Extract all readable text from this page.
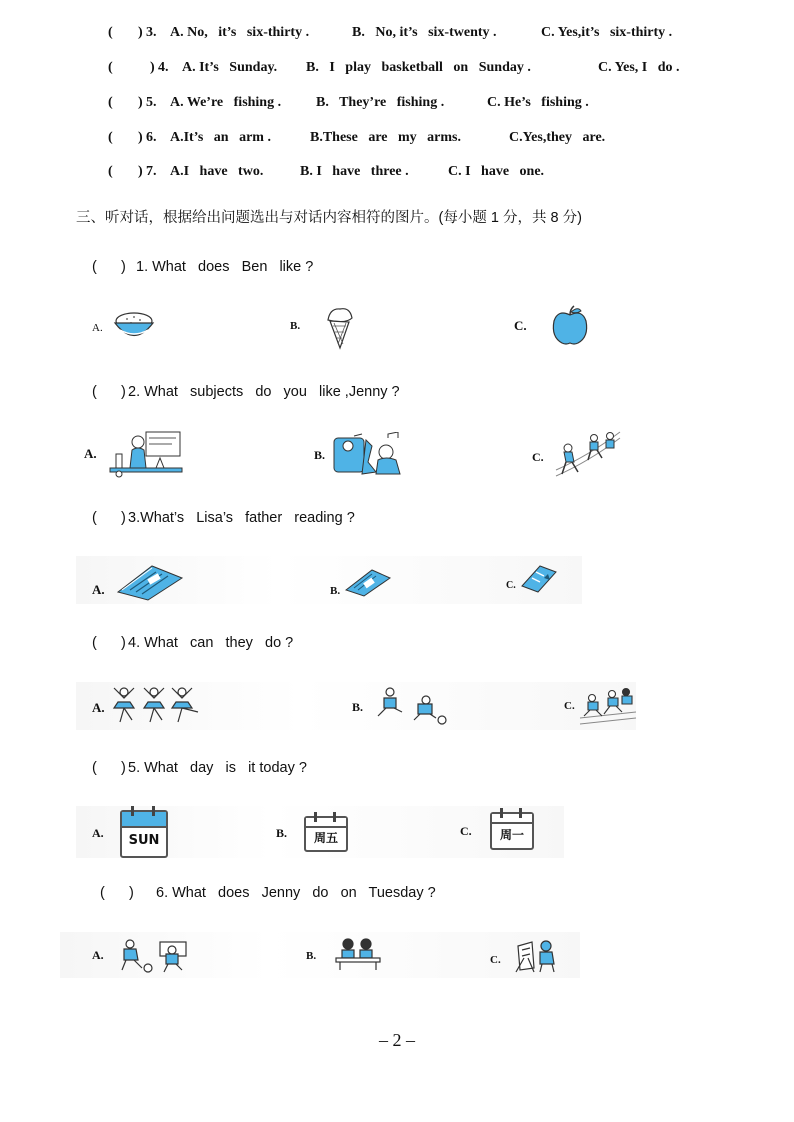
( ) 3. A. No,   it’s   six-thirty .	B.   No, it’s   six-twenty .	C. Yes,it’s   six-thirty .
(	) 4. A. It’s   Sunday. B.   I   play   basketball   on   Sunday .	C. Yes, I   do .
( ) 5. A. We’re   fishing . B.   They’re   fishing .	C. He’s   fishing .
( ) 6. A.It’s   an   arm .	B.These   are   my   arms.	C.Yes,they   are.
( ) 7. A.I   have   two.	B. I   have   three .	C. I   have   one.
三、听对话，根据给出问题选出与对话内容相符的图片。(每小题 1 分，共 8 分)
(      ) 1. What   does   Ben   like ?
A.	B.	C.
(      ) 2. What   subjects   do   you   like ,Jenny ?
A.	B.	C.
(      ) 3.What’s   Lisa’s   father   reading ?
A.	B.	C.
(      ) 4. What   can   they   do ?
A.	B.	C.
(      ) 5. What   day   is   it today ?
A.	SUN	B.	周五	C.	周一
(      ) 6. What   does   Jenny   do   on   Tuesday ?
A.	B.	C.
– 2 –
